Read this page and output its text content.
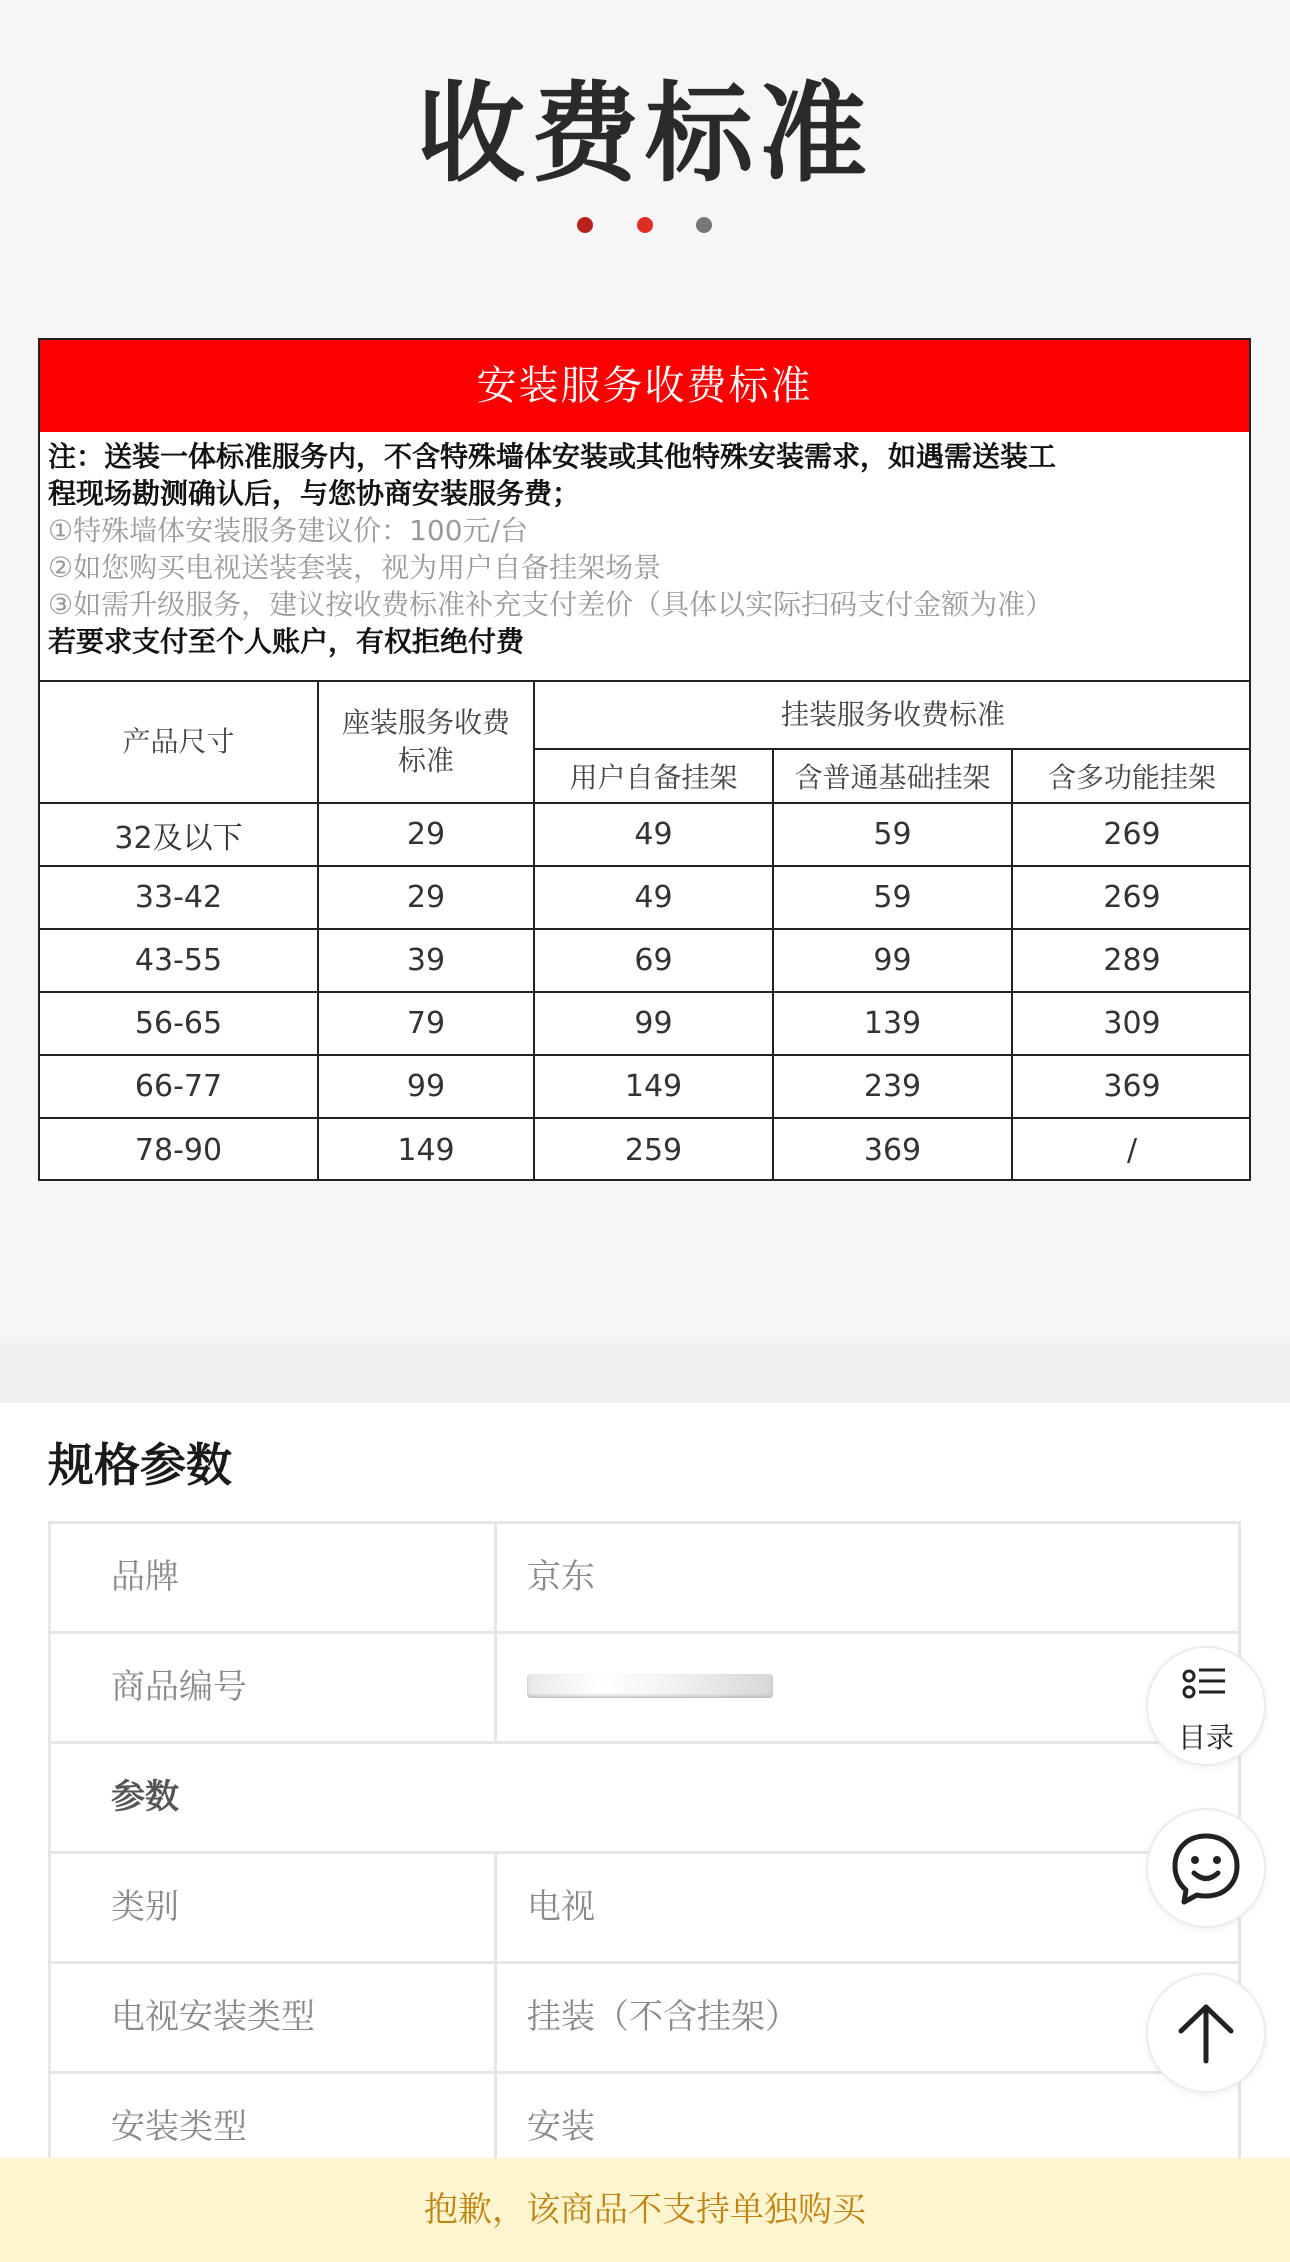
收费标准
安装服务收费标准
注：送装一体标准服务内，不含特殊墙体安装或其他特殊安装需求，如遇需送装工
程现场勘测确认后，与您协商安装服务费；
①特殊墙体安装服务建议价：100元/台
②如您购买电视送装套装，视为用户自备挂架场景
③如需升级服务，建议按收费标准补充支付差价（具体以实际扫码支付金额为准）
若要求支付至个人账户，有权拒绝付费
产品尺寸	座装服务收费标准	挂装服务收费标准		
		用户自备挂架	含普通基础挂架	含多功能挂架
32及以下	29	49	59	269
33-42	29	49	59	269
43-55	39	69	99	289
56-65	79	99	139	309
66-77	99	149	239	369
78-90	149	259	369	/
规格参数
品牌	京东
商品编号
参数
类别	电视
电视安装类型	挂装（不含挂架）
安装类型	安装
目录
抱歉，该商品不支持单独购买
